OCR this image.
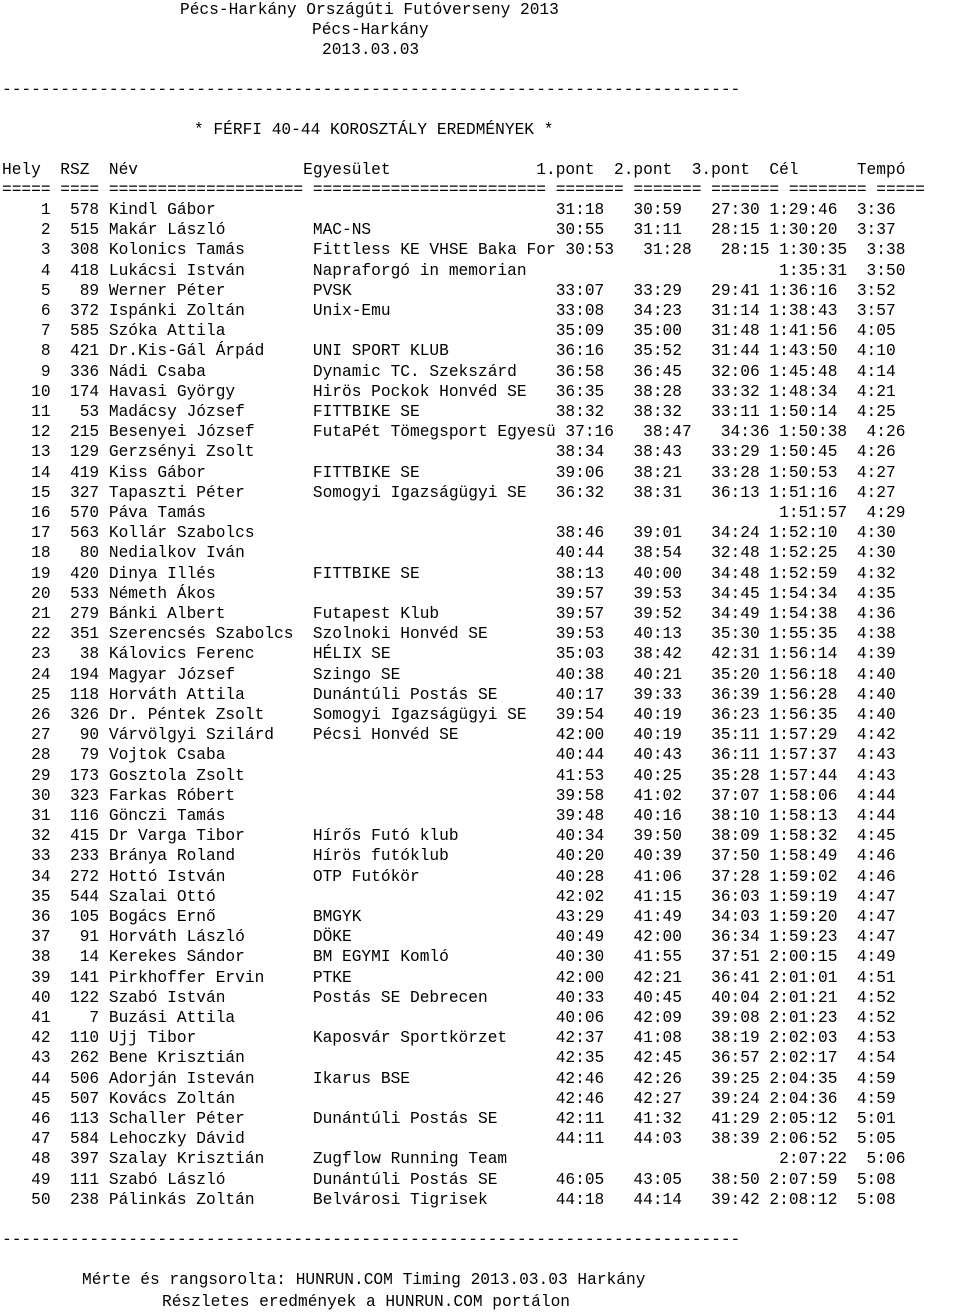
Pécs-Harkány Országúti Futóverseny 2013
Pécs-Harkány
2013.03.03
----------------------------------------------------------------------------
* FÉRFI 40-44 KOROSZTÁLY EREDMÉNYEK *
Hely  RSZ  Név                 Egyesület               1.pont  2.pont  3.pont  Cél      Tempó
===== ==== ==================== ======================== ======= ======= ======= ======== =====
1  578 Kindl Gábor                                   31:18   30:59   27:30 1:29:46  3:36
2  515 Makár László         MAC-NS                   30:55   31:11   28:15 1:30:20  3:37
3  308 Kolonics Tamás       Fittless KE VHSE Baka For 30:53   31:28   28:15 1:30:35  3:38
4  418 Lukácsi István       Napraforgó in memorian                          1:35:31  3:50
5   89 Werner Péter         PVSK                     33:07   33:29   29:41 1:36:16  3:52
6  372 Ispánki Zoltán       Unix-Emu                 33:08   34:23   31:14 1:38:43  3:57
7  585 Szóka Attila                                  35:09   35:00   31:48 1:41:56  4:05
8  421 Dr.Kis-Gál Árpád     UNI SPORT KLUB           36:16   35:52   31:44 1:43:50  4:10
9  336 Nádi Csaba           Dynamic TC. Szekszárd    36:58   36:45   32:06 1:45:48  4:14
10  174 Havasi György        Hirös Pockok Honvéd SE   36:35   38:28   33:32 1:48:34  4:21
11   53 Madácsy József       FITTBIKE SE              38:32   38:32   33:11 1:50:14  4:25
12  215 Besenyei József      FutaPét Tömegsport Egyesü 37:16   38:47   34:36 1:50:38  4:26
13  129 Gerzsényi Zsolt                               38:34   38:43   33:29 1:50:45  4:26
14  419 Kiss Gábor           FITTBIKE SE              39:06   38:21   33:28 1:50:53  4:27
15  327 Tapaszti Péter       Somogyi Igazságügyi SE   36:32   38:31   36:13 1:51:16  4:27
16  570 Páva Tamás                                                           1:51:57  4:29
17  563 Kollár Szabolcs                               38:46   39:01   34:24 1:52:10  4:30
18   80 Nedialkov Iván                                40:44   38:54   32:48 1:52:25  4:30
19  420 Dinya Illés          FITTBIKE SE              38:13   40:00   34:48 1:52:59  4:32
20  533 Németh Ákos                                   39:57   39:53   34:45 1:54:34  4:35
21  279 Bánki Albert         Futapest Klub            39:57   39:52   34:49 1:54:38  4:36
22  351 Szerencsés Szabolcs  Szolnoki Honvéd SE       39:53   40:13   35:30 1:55:35  4:38
23   38 Kálovics Ferenc      HÉLIX SE                 35:03   38:42   42:31 1:56:14  4:39
24  194 Magyar József        Szingo SE                40:38   40:21   35:20 1:56:18  4:40
25  118 Horváth Attila       Dunántúli Postás SE      40:17   39:33   36:39 1:56:28  4:40
26  326 Dr. Péntek Zsolt     Somogyi Igazságügyi SE   39:54   40:19   36:23 1:56:35  4:40
27   90 Várvölgyi Szilárd    Pécsi Honvéd SE          42:00   40:19   35:11 1:57:29  4:42
28   79 Vojtok Csaba                                  40:44   40:43   36:11 1:57:37  4:43
29  173 Gosztola Zsolt                                41:53   40:25   35:28 1:57:44  4:43
30  323 Farkas Róbert                                 39:58   41:02   37:07 1:58:06  4:44
31  116 Gönczi Tamás                                  39:48   40:16   38:10 1:58:13  4:44
32  415 Dr Varga Tibor       Hírős Futó klub          40:34   39:50   38:09 1:58:32  4:45
33  233 Bránya Roland        Hírös futóklub           40:20   40:39   37:50 1:58:49  4:46
34  272 Hottó István         OTP Futókör              40:28   41:06   37:28 1:59:02  4:46
35  544 Szalai Ottó                                   42:02   41:15   36:03 1:59:19  4:47
36  105 Bogács Ernő          BMGYK                    43:29   41:49   34:03 1:59:20  4:47
37   91 Horváth László       DÖKE                     40:49   42:00   36:34 1:59:23  4:47
38   14 Kerekes Sándor       BM EGYMI Komló           40:30   41:55   37:51 2:00:15  4:49
39  141 Pirkhoffer Ervin     PTKE                     42:00   42:21   36:41 2:01:01  4:51
40  122 Szabó István         Postás SE Debrecen       40:33   40:45   40:04 2:01:21  4:52
41    7 Buzási Attila                                 40:06   42:09   39:08 2:01:23  4:52
42  110 Ujj Tibor            Kaposvár Sportkörzet     42:37   41:08   38:19 2:02:03  4:53
43  262 Bene Krisztián                                42:35   42:45   36:57 2:02:17  4:54
44  506 Adorján Isteván      Ikarus BSE               42:46   42:26   39:25 2:04:35  4:59
45  507 Kovács Zoltán                                 42:46   42:27   39:24 2:04:36  4:59
46  113 Schaller Péter       Dunántúli Postás SE      42:11   41:32   41:29 2:05:12  5:01
47  584 Lehoczky Dávid                                44:11   44:03   38:39 2:06:52  5:05
48  397 Szalay Krisztián     Zugflow Running Team                            2:07:22  5:06
49  111 Szabó László         Dunántúli Postás SE      46:05   43:05   38:50 2:07:59  5:08
50  238 Pálinkás Zoltán      Belvárosi Tigrisek       44:18   44:14   39:42 2:08:12  5:08
----------------------------------------------------------------------------
Mérte és rangsorolta: HUNRUN.COM Timing 2013.03.03 Harkány
Részletes eredmények a HUNRUN.COM portálon
